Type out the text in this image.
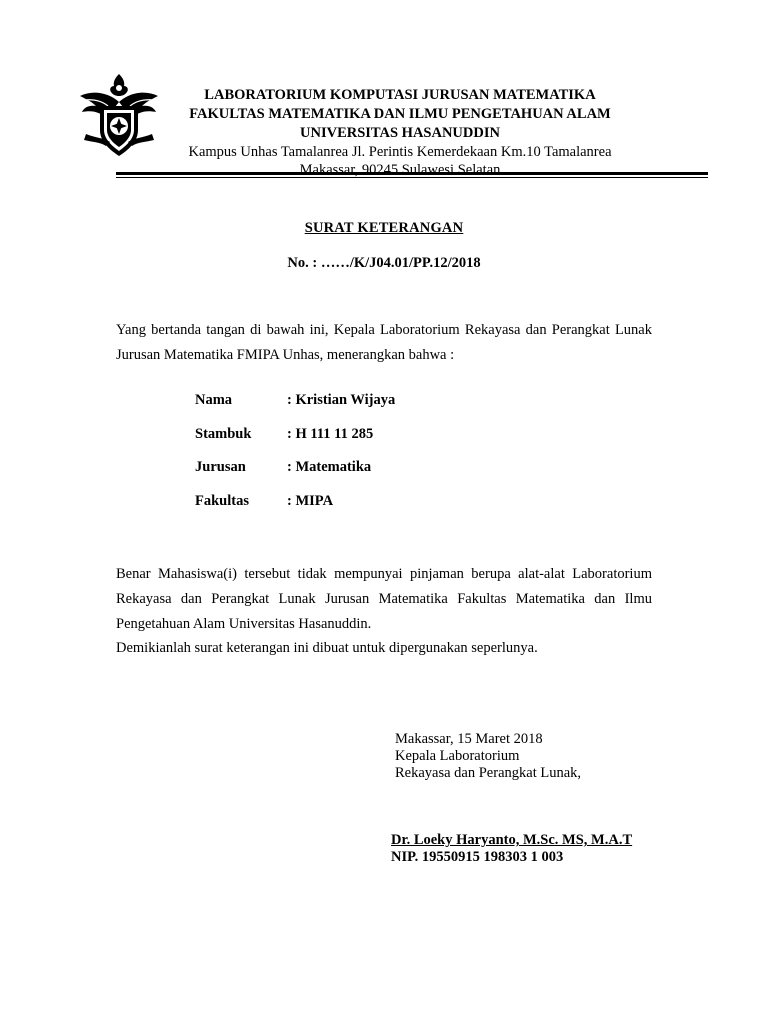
LABORATORIUM KOMPUTASI JURUSAN MATEMATIKA
FAKULTAS MATEMATIKA DAN ILMU PENGETAHUAN ALAM
UNIVERSITAS HASANUDDIN
Kampus Unhas Tamalanrea Jl. Perintis Kemerdekaan Km.10 Tamalanrea
Makassar, 90245 Sulawesi Selatan
SURAT KETERANGAN
No. : ……/K/J04.01/PP.12/2018
Yang bertanda tangan di bawah ini, Kepala Laboratorium Rekayasa dan Perangkat Lunak Jurusan Matematika FMIPA Unhas, menerangkan bahwa :
Nama	: Kristian Wijaya
Stambuk	: H 111 11 285
Jurusan	: Matematika
Fakultas	: MIPA
Benar Mahasiswa(i) tersebut tidak mempunyai pinjaman berupa alat-alat Laboratorium Rekayasa dan Perangkat Lunak Jurusan Matematika Fakultas Matematika dan Ilmu Pengetahuan Alam Universitas Hasanuddin.
Demikianlah surat keterangan ini dibuat untuk dipergunakan seperlunya.
Makassar, 15 Maret 2018
Kepala Laboratorium
Rekayasa dan Perangkat Lunak,
Dr. Loeky Haryanto, M.Sc. MS, M.A.T
NIP. 19550915 198303 1 003
